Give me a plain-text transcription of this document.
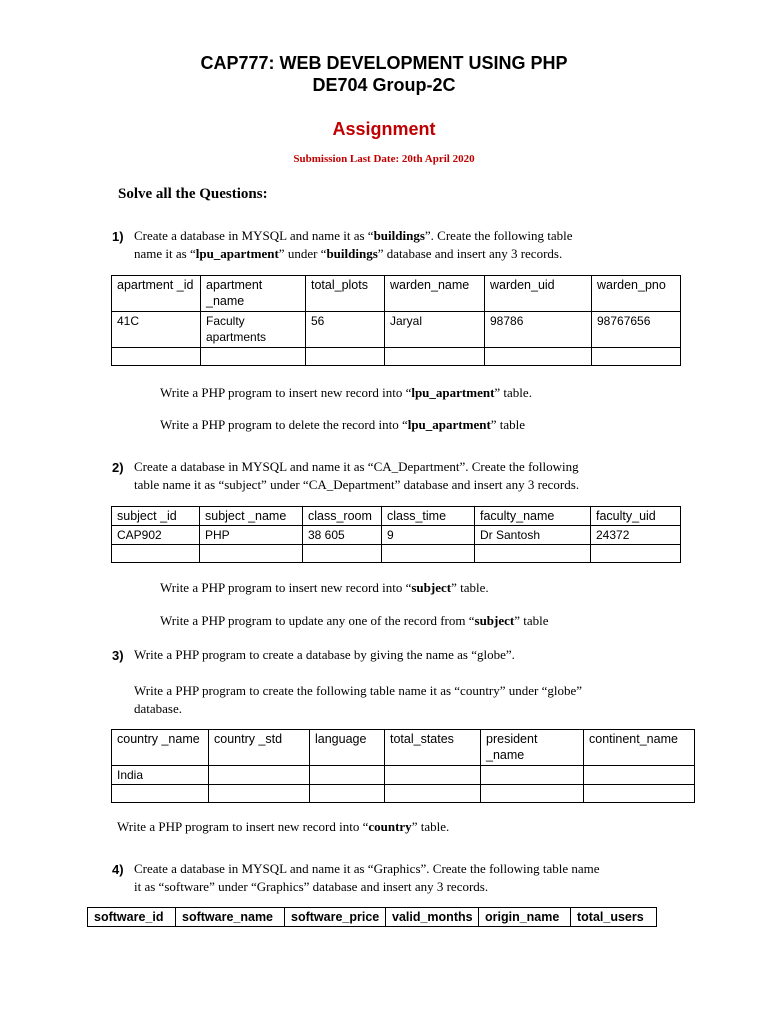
CAP777: WEB DEVELOPMENT USING PHP
DE704 Group-2C
Assignment
Submission Last Date: 20th April 2020
Solve all the Questions:
1) Create a database in MYSQL and name it as “buildings”. Create the following table
name it as “lpu_apartment” under “buildings” database and insert any 3 records.
apartment _id	apartment _name	total_plots	warden_name	warden_uid	warden_pno
41C	Faculty apartments	56	Jaryal	98786	98767656

Write a PHP program to insert new record into “lpu_apartment” table.
Write a PHP program to delete the record into “lpu_apartment” table
2) Create a database in MYSQL and name it as “CA_Department”. Create the following
table name it as “subject” under “CA_Department” database and insert any 3 records.
subject _id	subject _name	class_room	class_time	faculty_name	faculty_uid
CAP902	PHP	38 605	9	Dr Santosh	24372

Write a PHP program to insert new record into “subject” table.
Write a PHP program to update any one of the record from “subject” table
3) Write a PHP program to create a database by giving the name as “globe”.
Write a PHP program to create the following table name it as “country” under “globe”
database.
country _name	country _std	language	total_states	president _name	continent_name
India					

Write a PHP program to insert new record into “country” table.
4) Create a database in MYSQL and name it as “Graphics”. Create the following table name
it as “software” under “Graphics” database and insert any 3 records.
software_id	software_name	software_price	valid_months	origin_name	total_users
